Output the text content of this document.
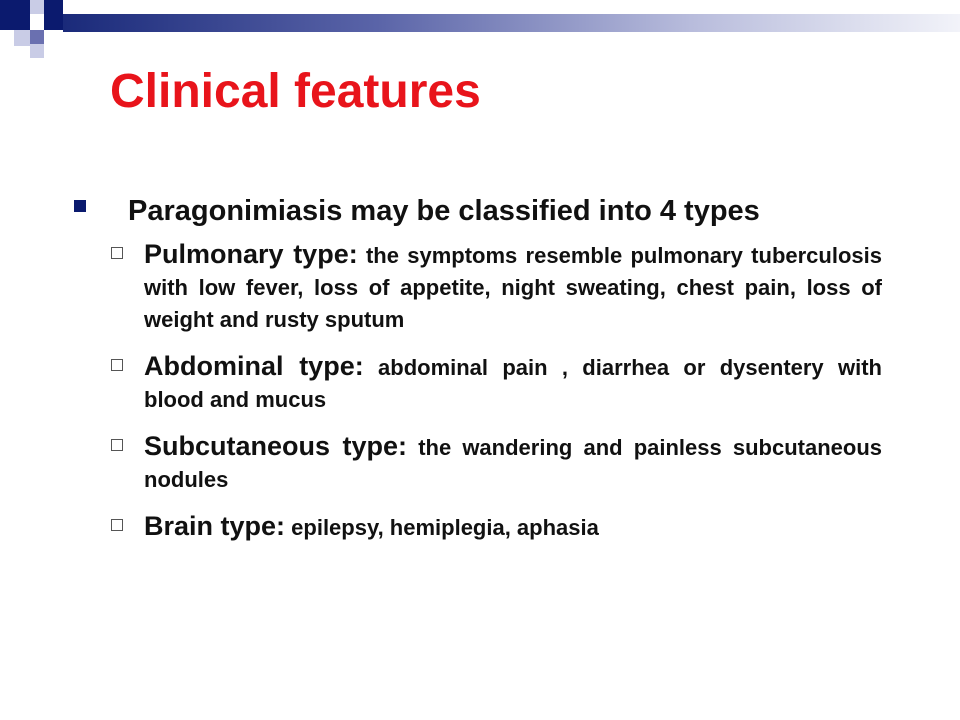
Clinical features
Paragonimiasis may be classified into 4 types
Pulmonary type: the symptoms resemble pulmonary tuberculosis with low fever, loss of appetite, night sweating, chest pain, loss of weight and rusty sputum
Abdominal type: abdominal pain , diarrhea or dysentery with blood and mucus
Subcutaneous type: the wandering and painless subcutaneous nodules
Brain type: epilepsy, hemiplegia, aphasia
